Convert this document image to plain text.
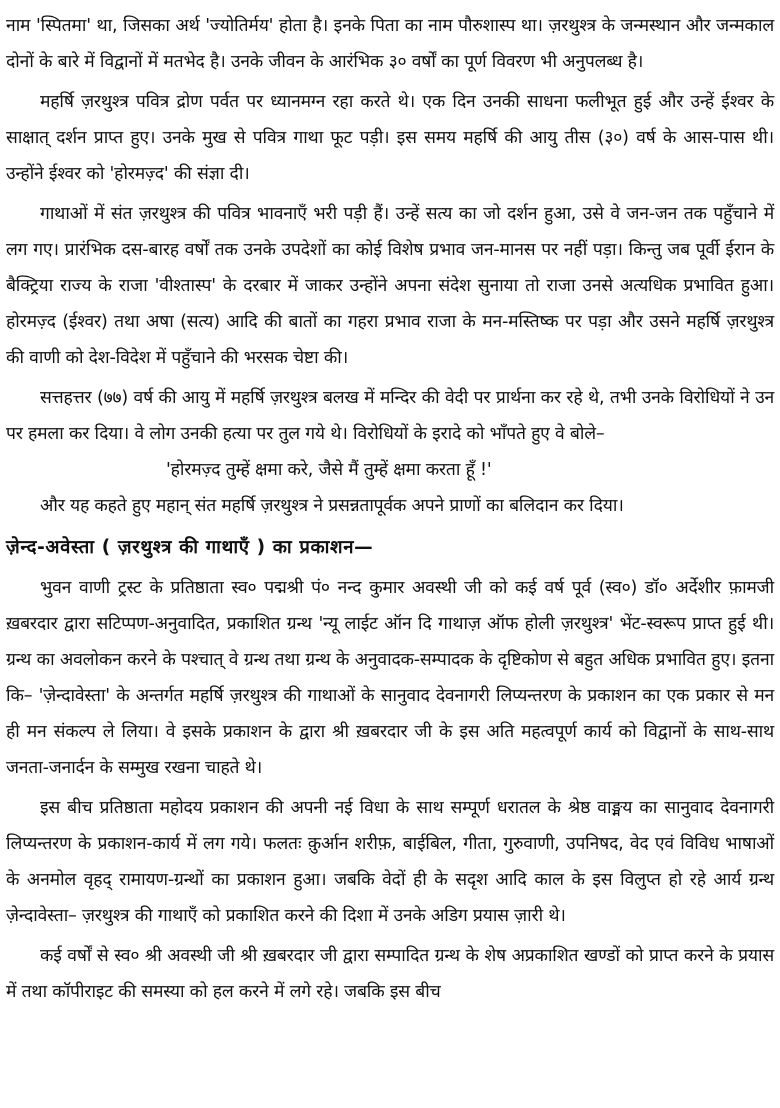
नाम 'स्पितमा' था, जिसका अर्थ 'ज्योतिर्मय' होता है। इनके पिता का नाम पौरुशास्प था। ज़रथुश्त्र के जन्मस्थान और जन्मकाल दोनों के बारे में विद्वानों में मतभेद है। उनके जीवन के आरंभिक ३० वर्षों का पूर्ण विवरण भी अनुपलब्ध है।

महर्षि ज़रथुश्त्र पवित्र द्रोण पर्वत पर ध्यानमग्न रहा करते थे। एक दिन उनकी साधना फलीभूत हुई और उन्हें ईश्वर के साक्षात् दर्शन प्राप्त हुए। उनके मुख से पवित्र गाथा फूट पड़ी। इस समय महर्षि की आयु तीस (३०) वर्ष के आस-पास थी। उन्होंने ईश्वर को 'होरमज़्द' की संज्ञा दी।

गाथाओं में संत ज़रथुश्त्र की पवित्र भावनाएँ भरी पड़ी हैं। उन्हें सत्य का जो दर्शन हुआ, उसे वे जन-जन तक पहुँचाने में लग गए। प्रारंभिक दस-बारह वर्षों तक उनके उपदेशों का कोई विशेष प्रभाव जन-मानस पर नहीं पड़ा। किन्तु जब पूर्वी ईरान के बैक्ट्रिया राज्य के राजा 'वीश्तास्प' के दरबार में जाकर उन्होंने अपना संदेश सुनाया तो राजा उनसे अत्यधिक प्रभावित हुआ। होरमज़्द (ईश्वर) तथा अषा (सत्य) आदि की बातों का गहरा प्रभाव राजा के मन-मस्तिष्क पर पड़ा और उसने महर्षि ज़रथुश्त्र की वाणी को देश-विदेश में पहुँचाने की भरसक चेष्टा की।

सत्तहत्तर (७७) वर्ष की आयु में महर्षि ज़रथुश्त्र बलख में मन्दिर की वेदी पर प्रार्थना कर रहे थे, तभी उनके विरोधियों ने उन पर हमला कर दिया। वे लोग उनकी हत्या पर तुल गये थे। विरोधियों के इरादे को भाँपते हुए वे बोले–

'होरमज़्द तुम्हें क्षमा करे, जैसे मैं तुम्हें क्षमा करता हूँ !'

और यह कहते हुए महान् संत महर्षि ज़रथुश्त्र ने प्रसन्नतापूर्वक अपने प्राणों का बलिदान कर दिया।

ज़ेन्द-अवेस्ता ( ज़रथुश्त्र की गाथाएँ ) का प्रकाशन—

भुवन वाणी ट्रस्ट के प्रतिष्ठाता स्व० पद्मश्री पं० नन्द कुमार अवस्थी जी को कई वर्ष पूर्व (स्व०) डॉ० अर्देशीर फ़ामजी ख़बरदार द्वारा सटिप्पण-अनुवादित, प्रकाशित ग्रन्थ 'न्यू लाईट ऑन दि गाथाज़ ऑफ होली ज़रथुश्त्र' भेंट-स्वरूप प्राप्त हुई थी। ग्रन्थ का अवलोकन करने के पश्चात् वे ग्रन्थ तथा ग्रन्थ के अनुवादक-सम्पादक के दृष्टिकोण से बहुत अधिक प्रभावित हुए। इतना कि– 'ज़ेन्दावेस्ता' के अन्तर्गत महर्षि ज़रथुश्त्र की गाथाओं के सानुवाद देवनागरी लिप्यन्तरण के प्रकाशन का एक प्रकार से मन ही मन संकल्प ले लिया। वे इसके प्रकाशन के द्वारा श्री ख़बरदार जी के इस अति महत्वपूर्ण कार्य को विद्वानों के साथ-साथ जनता-जनार्दन के सम्मुख रखना चाहते थे।

इस बीच प्रतिष्ठाता महोदय प्रकाशन की अपनी नई विधा के साथ सम्पूर्ण धरातल के श्रेष्ठ वाङ्मय का सानुवाद देवनागरी लिप्यन्तरण के प्रकाशन-कार्य में लग गये। फलतः क़ुर्आन शरीफ़, बाईबिल, गीता, गुरुवाणी, उपनिषद, वेद एवं विविध भाषाओं के अनमोल वृहद् रामायण-ग्रन्थों का प्रकाशन हुआ। जबकि वेदों ही के सदृश आदि काल के इस विलुप्त हो रहे आर्य ग्रन्थ ज़ेन्दावेस्ता– ज़रथुश्त्र की गाथाएँ को प्रकाशित करने की दिशा में उनके अडिग प्रयास ज़ारी थे।

कई वर्षों से स्व० श्री अवस्थी जी श्री ख़बरदार जी द्वारा सम्पादित ग्रन्थ के शेष अप्रकाशित खण्डों को प्राप्त करने के प्रयास में तथा कॉपीराइट की समस्या को हल करने में लगे रहे। जबकि इस बीच
